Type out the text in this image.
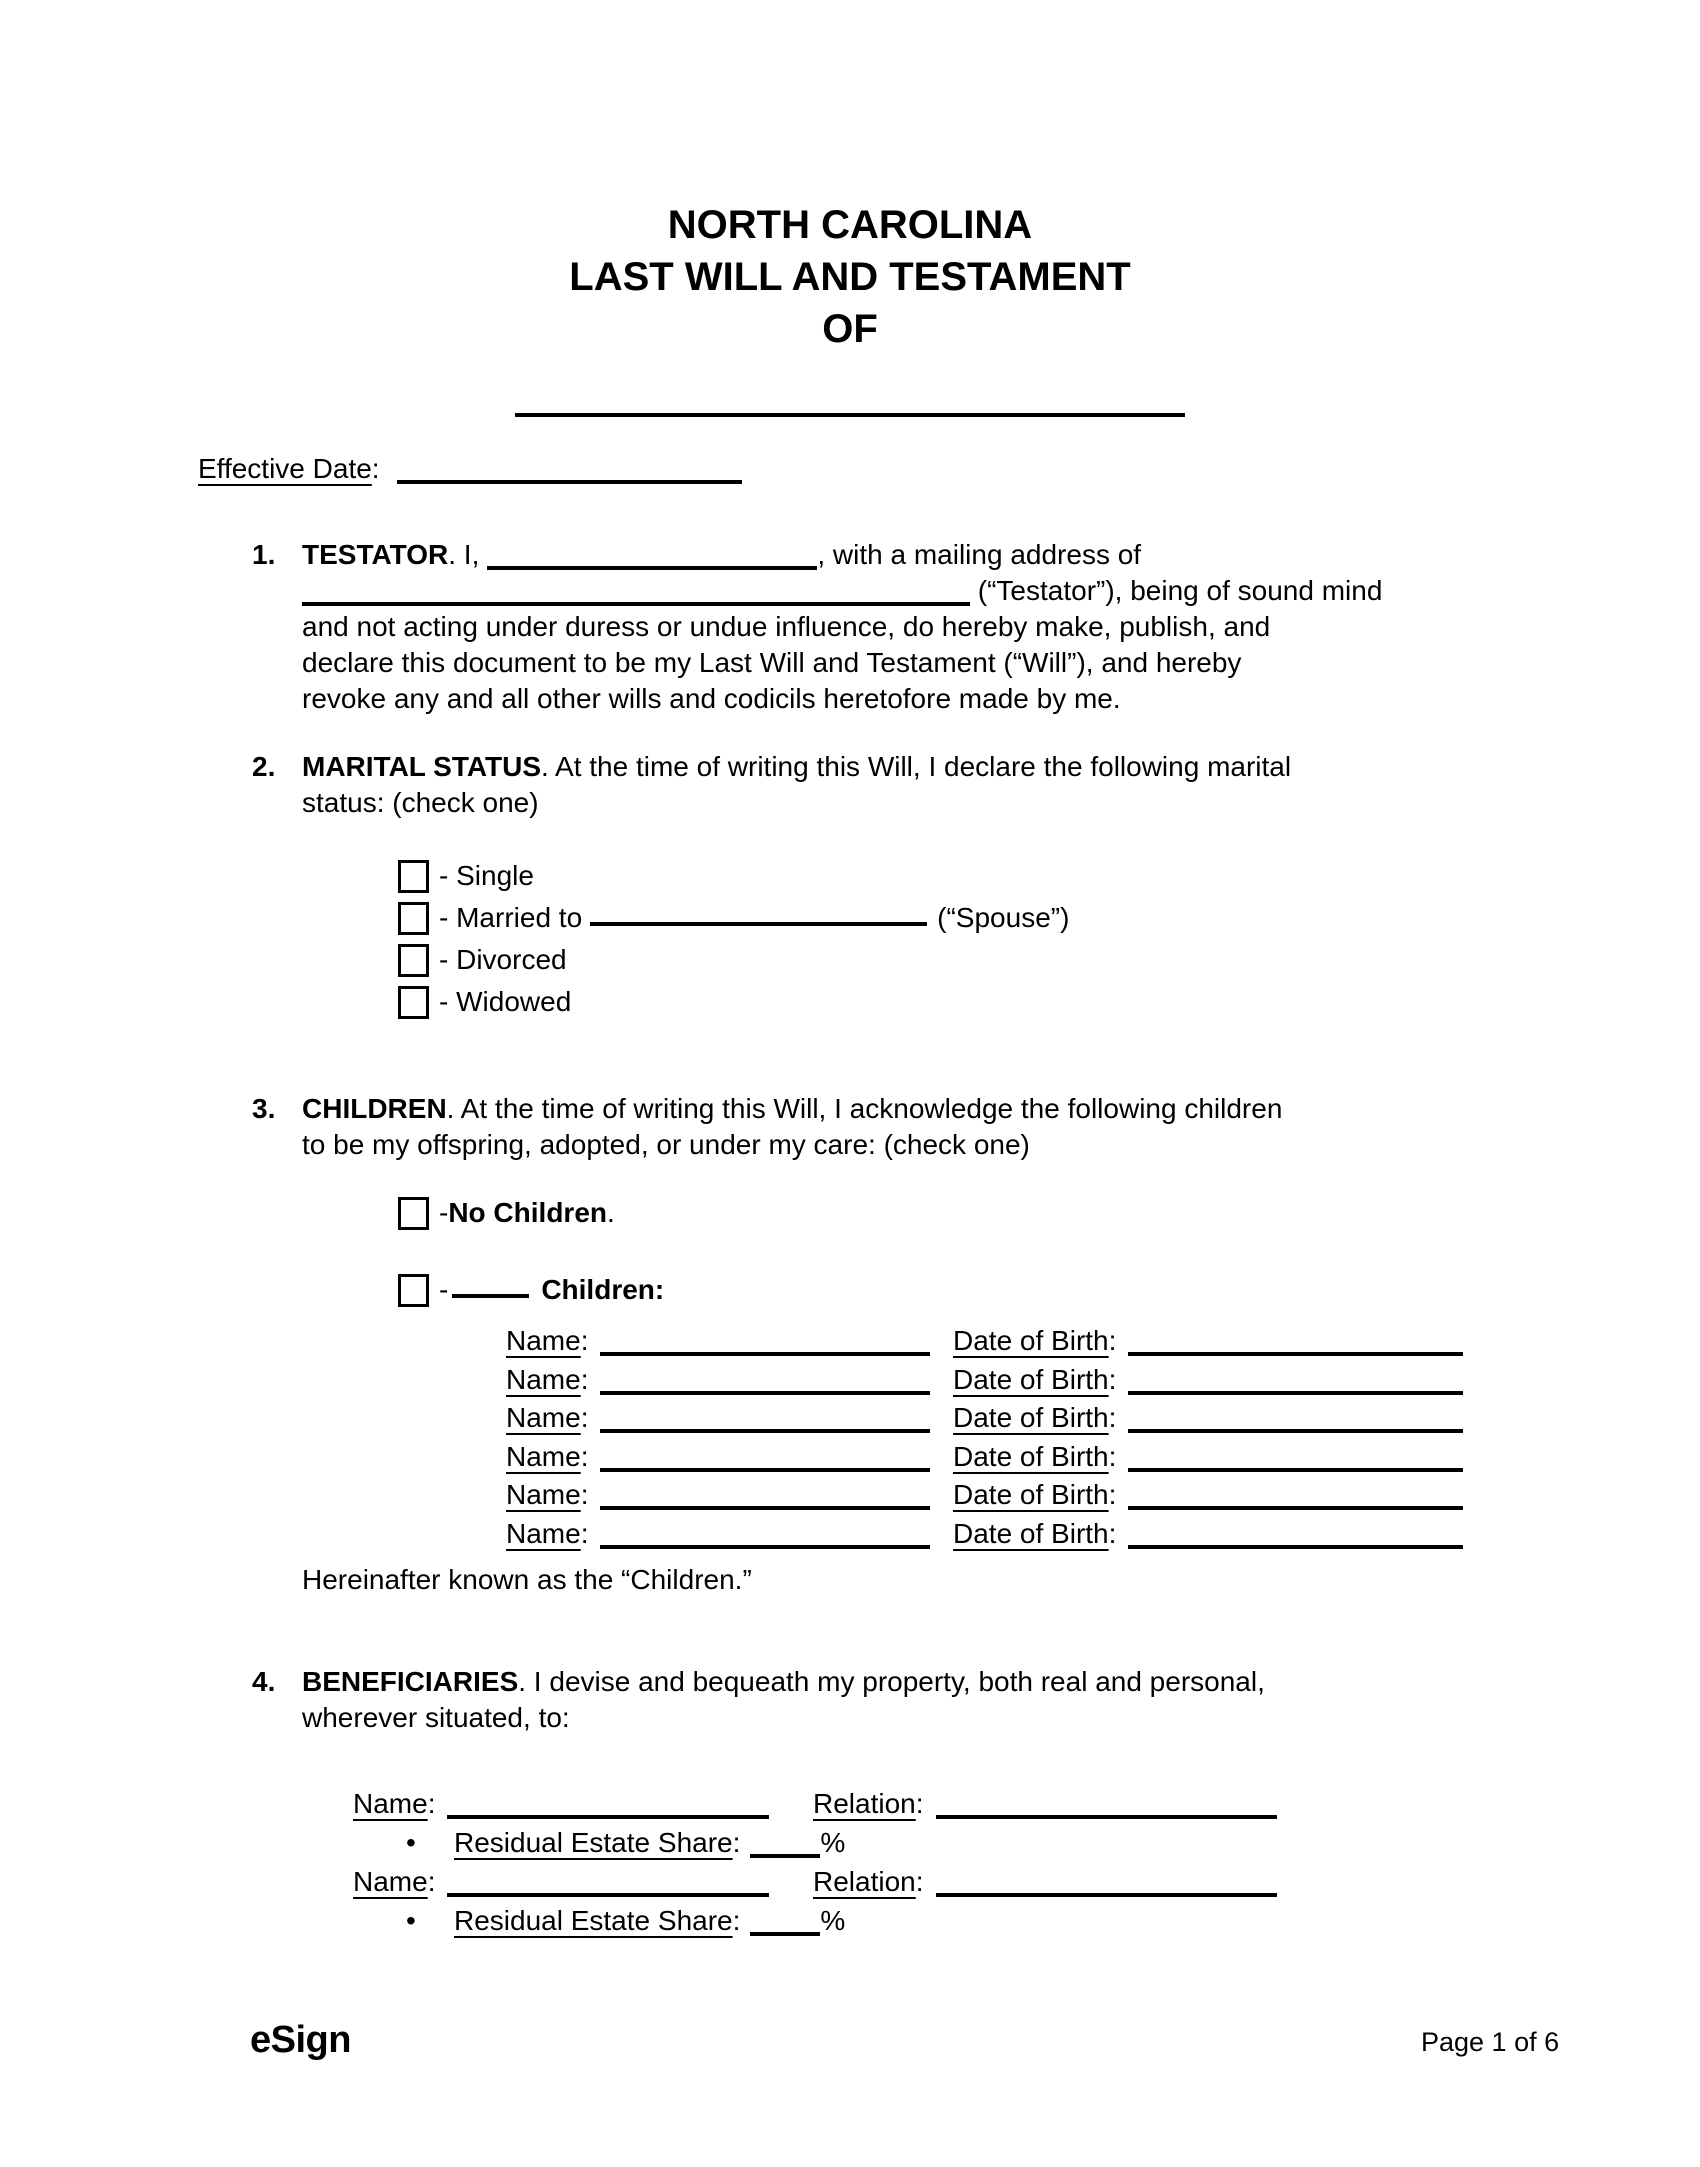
NORTH CAROLINA
LAST WILL AND TESTAMENT
OF
Effective Date:
1. TESTATOR. I,	, with a mailing address of
(“Testator”), being of sound mind
and not acting under duress or undue influence, do hereby make, publish, and
declare this document to be my Last Will and Testament (“Will”), and hereby
revoke any and all other wills and codicils heretofore made by me.
2. MARITAL STATUS. At the time of writing this Will, I declare the following marital
status: (check one)
- Single
- Married to	(“Spouse”)
- Divorced
- Widowed
3. CHILDREN. At the time of writing this Will, I acknowledge the following children
to be my offspring, adopted, or under my care: (check one)
- No Children .
-	Children :
Name:	Date of Birth:
Name:	Date of Birth:
Name:	Date of Birth:
Name:	Date of Birth:
Name:	Date of Birth:
Name:	Date of Birth:
Hereinafter known as the “Children.”
4. BENEFICIARIES. I devise and bequeath my property, both real and personal,
wherever situated, to:
Name:	Relation:
• Residual Estate Share:	%
Name:	Relation:
• Residual Estate Share:	%
eSign	Page 1 of 6
